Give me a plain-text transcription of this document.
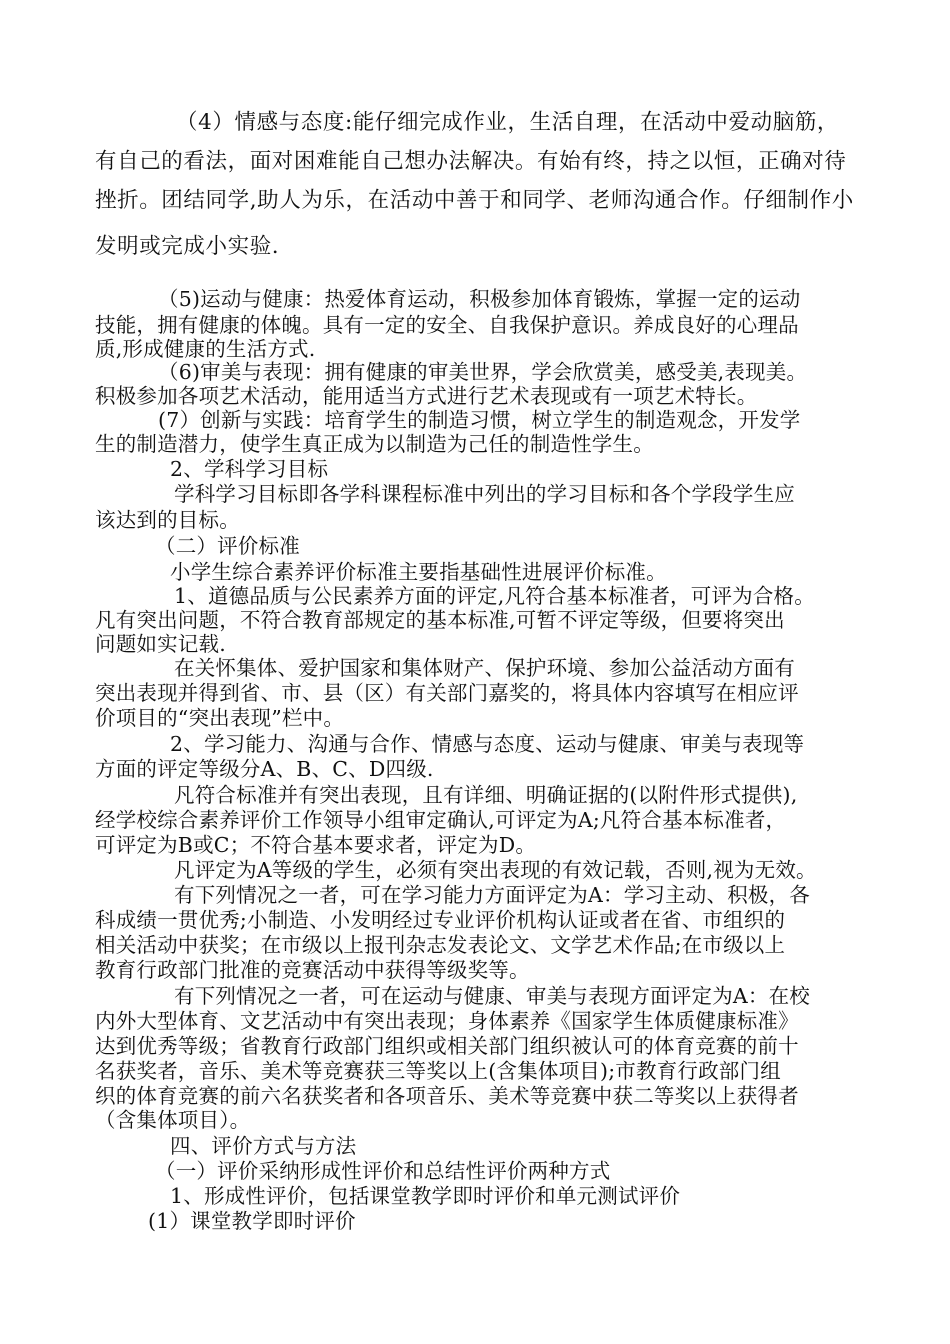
（4）情感与态度:能仔细完成作业，生活自理，在活动中爱动脑筋，
有自己的看法，面对困难能自己想办法解决。有始有终，持之以恒，正确对待
挫折。团结同学,助人为乐，在活动中善于和同学、老师沟通合作。仔细制作小
发明或完成小实验.
（5)运动与健康：热爱体育运动，积极参加体育锻炼，掌握一定的运动
技能，拥有健康的体魄。具有一定的安全、自我保护意识。养成良好的心理品
质,形成健康的生活方式.
（6)审美与表现：拥有健康的审美世界，学会欣赏美，感受美,表现美。
积极参加各项艺术活动，能用适当方式进行艺术表现或有一项艺术特长。
(7）创新与实践：培育学生的制造习惯，树立学生的制造观念，开发学
生的制造潜力，使学生真正成为以制造为己任的制造性学生。
2、学科学习目标
学科学习目标即各学科课程标准中列出的学习目标和各个学段学生应
该达到的目标。
（二）评价标准
小学生综合素养评价标准主要指基础性进展评价标准。
1、道德品质与公民素养方面的评定,凡符合基本标准者，可评为合格。
凡有突出问题，不符合教育部规定的基本标准,可暂不评定等级，但要将突出
问题如实记载.
在关怀集体、爱护国家和集体财产、保护环境、参加公益活动方面有
突出表现并得到省、市、县（区）有关部门嘉奖的，将具体内容填写在相应评
价项目的“突出表现”栏中。
2、学习能力、沟通与合作、情感与态度、运动与健康、审美与表现等
方面的评定等级分A、B、C、D四级.
凡符合标准并有突出表现，且有详细、明确证据的(以附件形式提供),
经学校综合素养评价工作领导小组审定确认,可评定为A;凡符合基本标准者，
可评定为B或C；不符合基本要求者，评定为D。
凡评定为A等级的学生，必须有突出表现的有效记载，否则,视为无效。
有下列情况之一者，可在学习能力方面评定为A：学习主动、积极，各
科成绩一贯优秀;小制造、小发明经过专业评价机构认证或者在省、市组织的
相关活动中获奖；在市级以上报刊杂志发表论文、文学艺术作品;在市级以上
教育行政部门批准的竞赛活动中获得等级奖等。
有下列情况之一者，可在运动与健康、审美与表现方面评定为A：在校
内外大型体育、文艺活动中有突出表现；身体素养《国家学生体质健康标准》
达到优秀等级；省教育行政部门组织或相关部门组织被认可的体育竞赛的前十
名获奖者，音乐、美术等竞赛获三等奖以上(含集体项目);市教育行政部门组
织的体育竞赛的前六名获奖者和各项音乐、美术等竞赛中获二等奖以上获得者
（含集体项目）。
四、评价方式与方法
（一）评价采纳形成性评价和总结性评价两种方式
1、形成性评价，包括课堂教学即时评价和单元测试评价
(1）课堂教学即时评价
